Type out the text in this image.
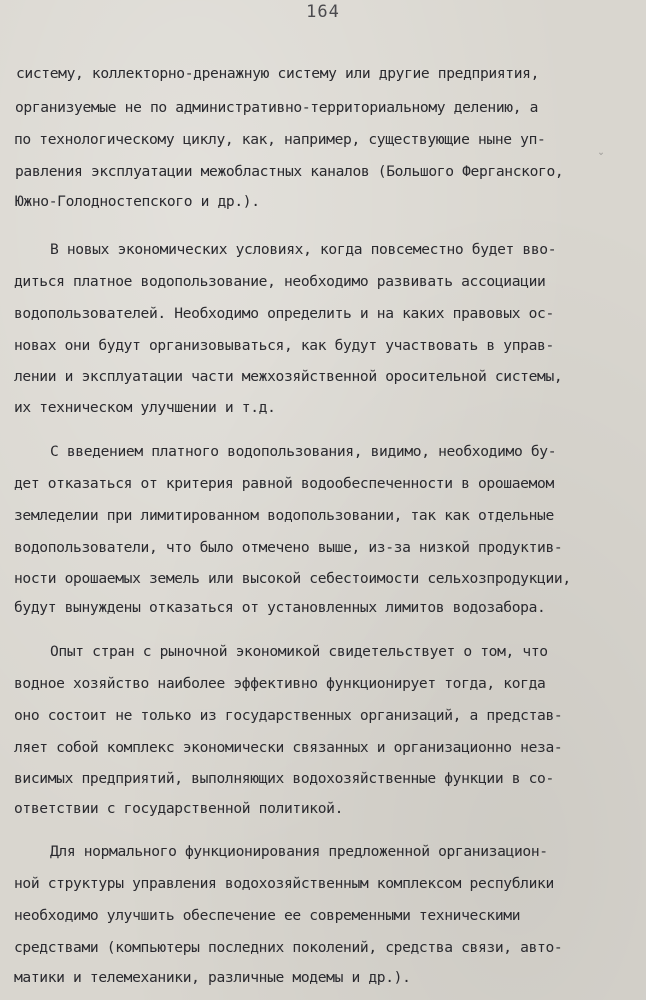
164
систему, коллекторно-дренажную систему или другие предприятия,
организуемые не по административно-территориальному делению, а
по технологическому циклу, как, например, существующие ныне уп-
равления эксплуатации межобластных каналов (Большого Ферганского,
Южно-Голодностепского и др.).
В новых экономических условиях, когда повсеместно будет вво-
диться платное водопользование, необходимо развивать ассоциации
водопользователей. Необходимо определить и на каких правовых ос-
новах они будут организовываться, как будут участвовать в управ-
лении и эксплуатации части межхозяйственной оросительной системы,
их техническом улучшении и т.д.
С введением платного водопользования, видимо, необходимо бу-
дет отказаться от критерия равной водообеспеченности в орошаемом
земледелии при лимитированном водопользовании, так как отдельные
водопользователи, что было отмечено выше, из-за низкой продуктив-
ности орошаемых земель или высокой себестоимости сельхозпродукции,
будут вынуждены отказаться от установленных лимитов водозабора.
Опыт стран с рыночной экономикой свидетельствует о том, что
водное хозяйство наиболее эффективно функционирует тогда, когда
оно состоит не только из государственных организаций, а представ-
ляет собой комплекс экономически связанных и организационно неза-
висимых предприятий, выполняющих водохозяйственные функции в со-
ответствии с государственной политикой.
Для нормального функционирования предложенной организацион-
ной структуры управления водохозяйственным комплексом республики
необходимо улучшить обеспечение ее современными техническими
средствами (компьютеры последних поколений, средства связи, авто-
матики и телемеханики, различные модемы и др.).
ᵕ
